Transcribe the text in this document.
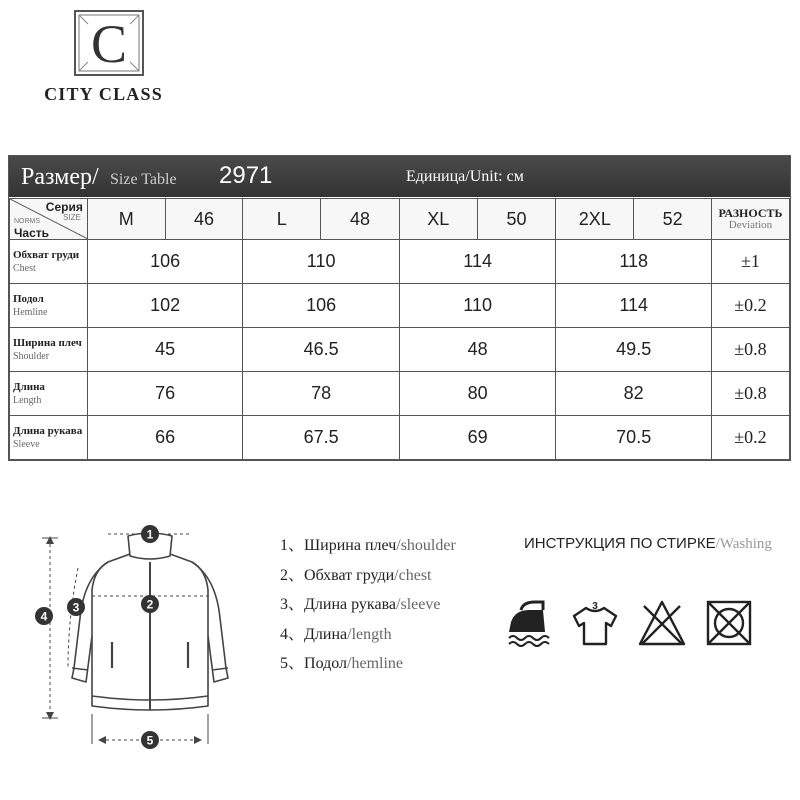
C
CITY CLASS
Размер/ Size Table 2971	Единица/Unit: см
Серия
SIZE
NORMS
Часть	M	46	L	48	XL	50	2XL	52	РАЗНОСТЬ
Deviation

Обхват груди
Chest	106		110		114		118		±1

Подол
Hemline	102		106		110		114		±0.2

Ширина плеч
Shoulder	45		46.5		48		49.5		±0.8

Длина
Length	76		78		80		82		±0.8

Длина рукава
Sleeve	66		67.5		69		70.5		±0.2
1
2
3
4
5
1、Ширина плеч/shoulder
2、Обхват груди/chest
3、Длина рукава/sleeve
4、Длина/length
5、Подол/hemline
ИНСТРУКЦИЯ ПО СТИРКЕ/Washing
3
